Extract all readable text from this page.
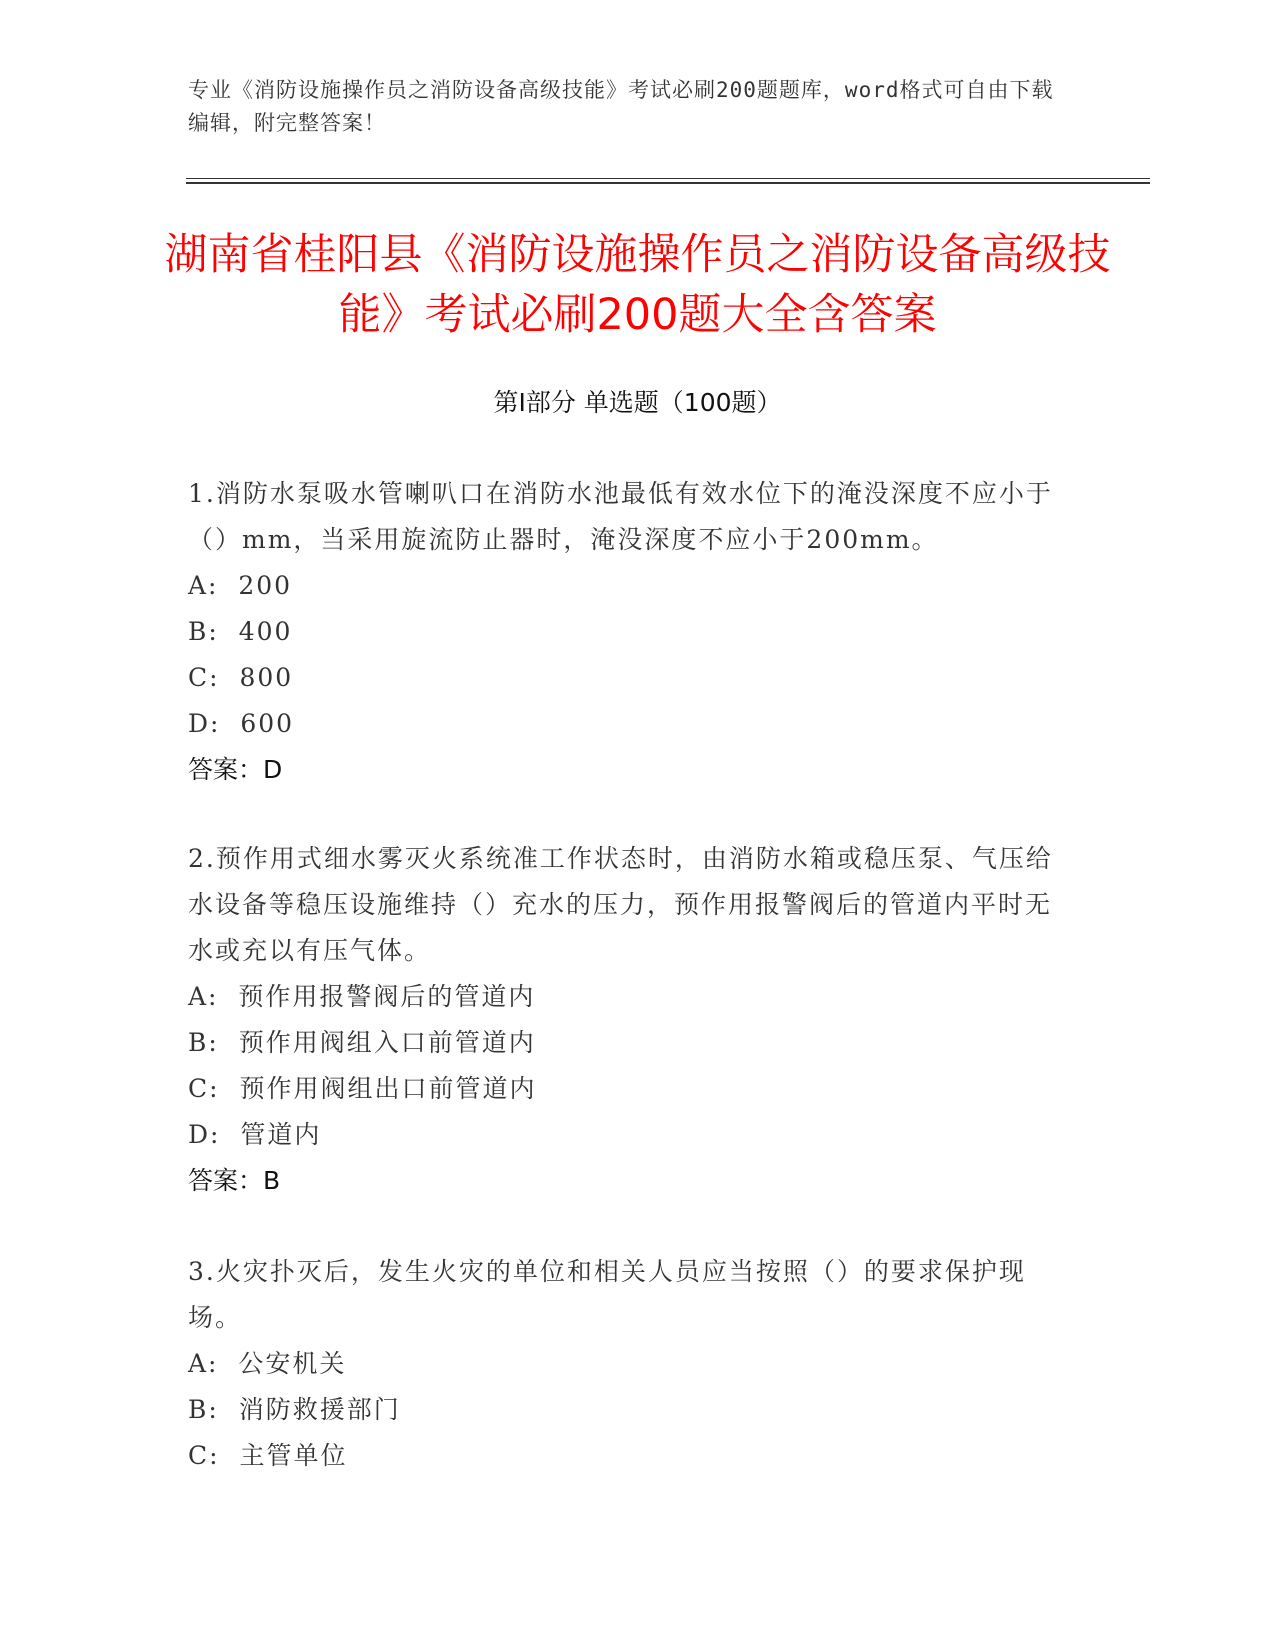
专业《消防设施操作员之消防设备高级技能》考试必刷200题题库，word格式可自由下载编辑，附完整答案！
湖南省桂阳县《消防设施操作员之消防设备高级技能》考试必刷200题大全含答案
第I部分 单选题（100题）

1.消防水泵吸水管喇叭口在消防水池最低有效水位下的淹没深度不应小于（）mm，当采用旋流防止器时，淹没深度不应小于200mm。

A:  200

B:  400

C:  800

D:  600

答案：D

2.预作用式细水雾灭火系统准工作状态时，由消防水箱或稳压泵、气压给水设备等稳压设施维持（）充水的压力，预作用报警阀后的管道内平时无水或充以有压气体。

A:  预作用报警阀后的管道内

B:  预作用阀组入口前管道内

C:  预作用阀组出口前管道内

D:  管道内

答案：B

3.火灾扑灭后，发生火灾的单位和相关人员应当按照（）的要求保护现场。

A:  公安机关

B:  消防救援部门

C:  主管单位
